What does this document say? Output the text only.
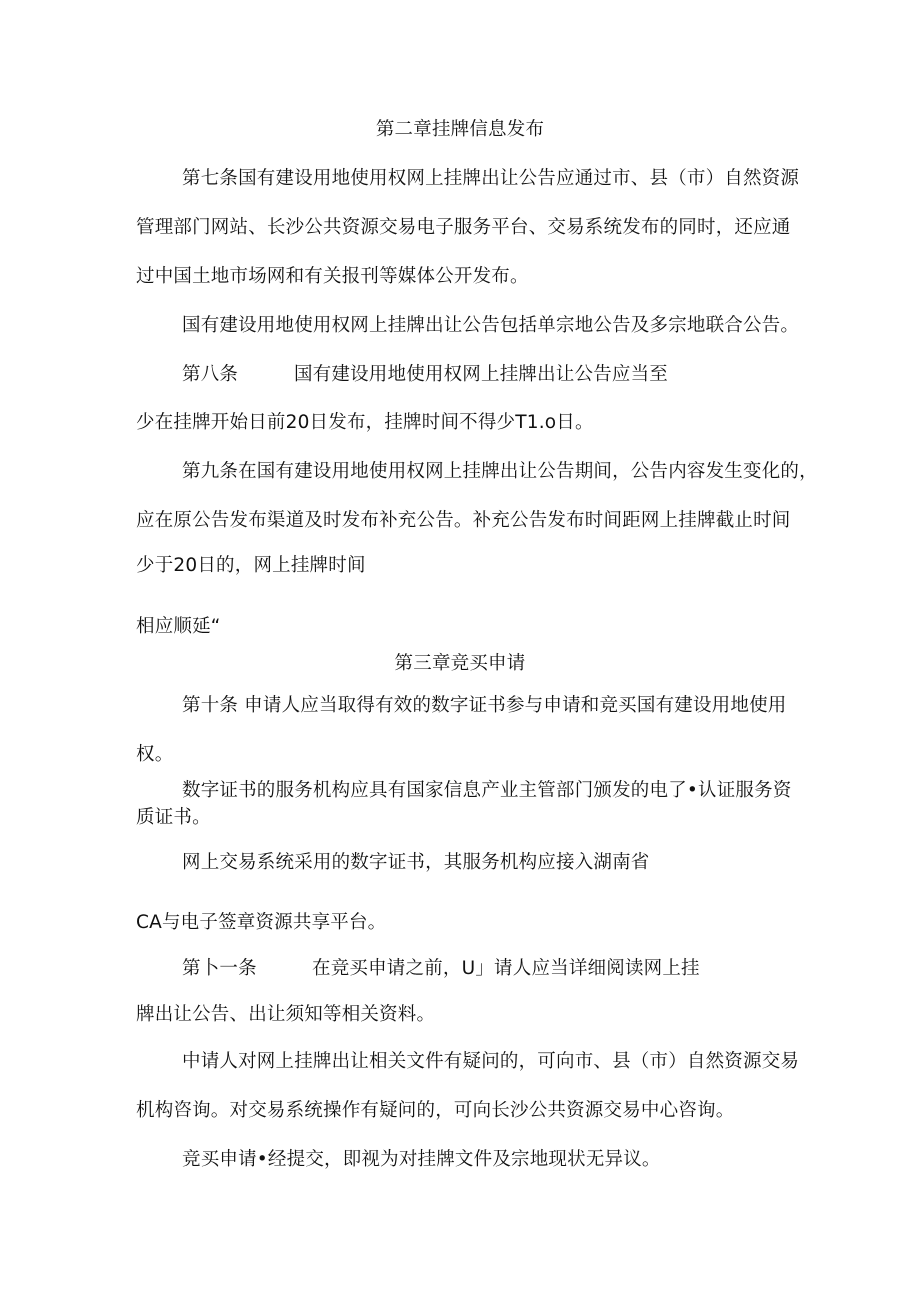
第二章挂牌信息发布
第七条国有建设用地使用权网上挂牌出让公告应通过市、县（市）自然资源
管理部门网站、长沙公共资源交易电子服务平台、交易系统发布的同时，还应通
过中国土地市场网和有关报刊等媒体公开发布。
国有建设用地使用权网上挂牌出让公告包括单宗地公告及多宗地联合公告。
第八条	国有建设用地使用权网上挂牌出让公告应当至
少在挂牌开始日前20日发布，挂牌时间不得少T1.o日。
第九条在国有建设用地使用权网上挂牌出让公告期间，公告内容发生变化的，
应在原公告发布渠道及时发布补充公告。补充公告发布时间距网上挂牌截止时间
少于20日的，网上挂牌时间
相应顺延“
第三章竞买申请
第十条 申请人应当取得有效的数字证书参与申请和竞买国有建设用地使用
权。
数字证书的服务机构应具有国家信息产业主管部门颁发的电了•认证服务资
质证书。
网上交易系统采用的数字证书，其服务机构应接入湖南省
CA与电子签章资源共享平台。
第卜一条	在竞买申请之前，U」请人应当详细阅读网上挂
牌出让公告、出让须知等相关资料。
中请人对网上挂牌出让相关文件有疑问的，可向市、县（市）自然资源交易
机构咨询。对交易系统操作有疑问的，可向长沙公共资源交易中心咨询。
竞买申请•经提交，即视为对挂牌文件及宗地现状无异议。
